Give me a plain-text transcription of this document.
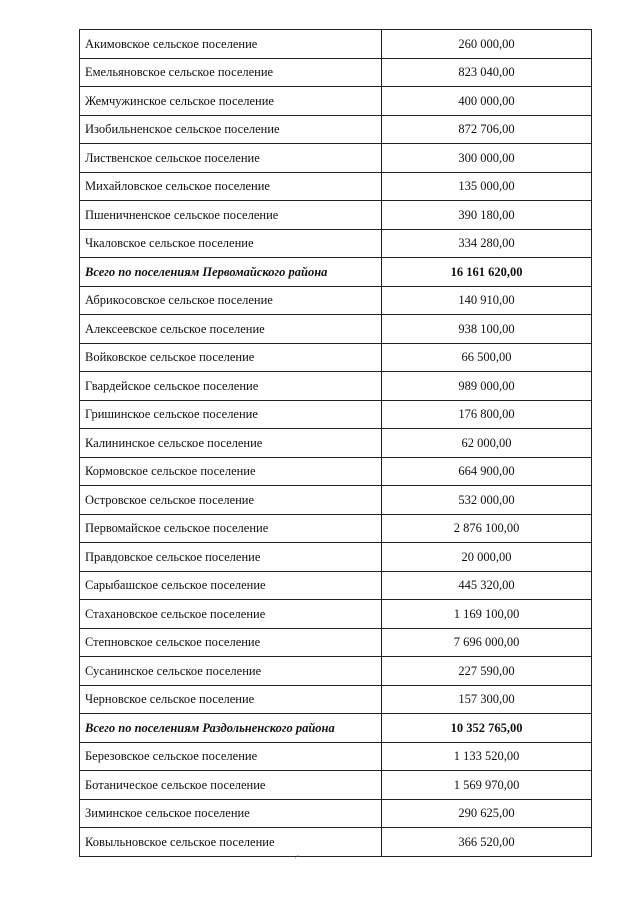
Акимовское сельское поселение	260 000,00
Емельяновское сельское поселение	823 040,00
Жемчужинское сельское поселение	400 000,00
Изобильненское сельское поселение	872 706,00
Лиственское сельское поселение	300 000,00
Михайловское сельское поселение	135 000,00
Пшеничненское сельское поселение	390 180,00
Чкаловское сельское поселение	334 280,00
Всего по поселениям Первомайского района	16 161 620,00
Абрикосовское сельское поселение	140 910,00
Алексеевское сельское поселение	938 100,00
Войковское сельское поселение	66 500,00
Гвардейское сельское поселение	989 000,00
Гришинское сельское поселение	176 800,00
Калининское сельское поселение	62 000,00
Кормовское сельское поселение	664 900,00
Островское сельское поселение	532 000,00
Первомайское сельское поселение	2 876 100,00
Правдовское сельское поселение	20 000,00
Сарыбашское сельское поселение	445 320,00
Стахановское сельское поселение	1 169 100,00
Степновское сельское поселение	7 696 000,00
Сусанинское сельское поселение	227 590,00
Черновское сельское поселение	157 300,00
Всего по поселениям Раздольненского района	10 352 765,00
Березовское сельское поселение	1 133 520,00
Ботаническое сельское поселение	1 569 970,00
Зиминское сельское поселение	290 625,00
Ковыльновское сельское поселение	366 520,00
·ˇ
